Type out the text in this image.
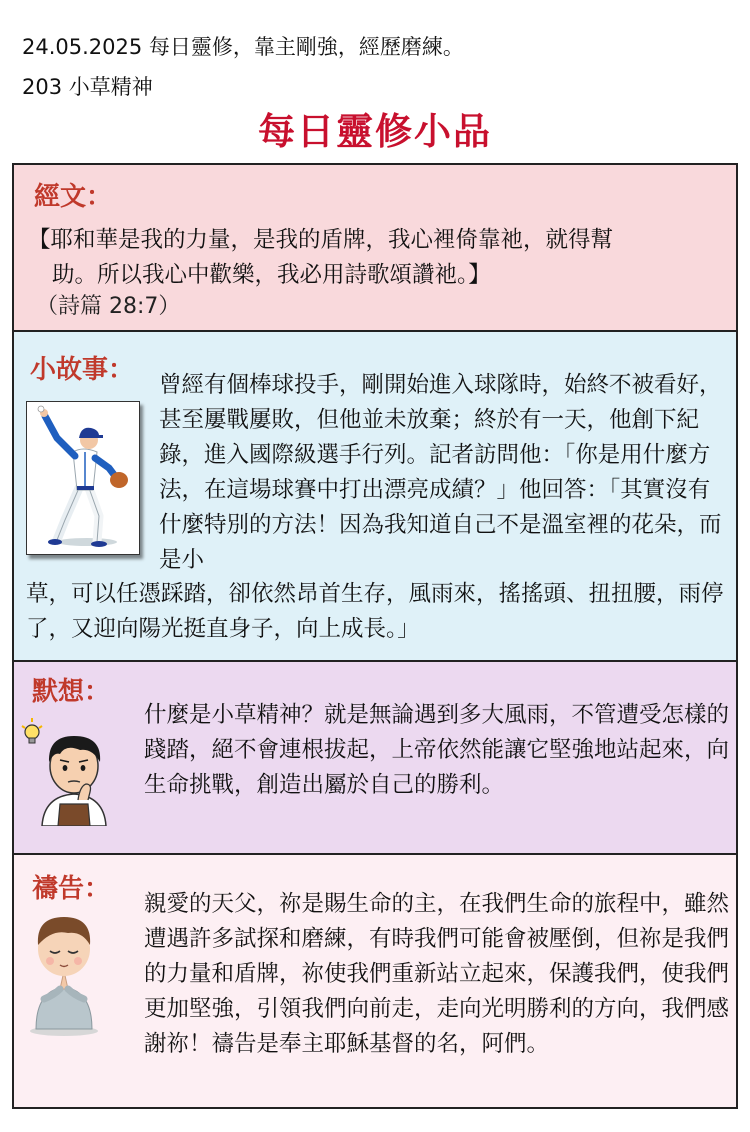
24.05.2025 每日靈修，靠主剛強，經歷磨練。
203 小草精神
每日靈修小品
經文：
【耶和華是我的力量，是我的盾牌，我心裡倚靠祂，就得幫
助。所以我心中歡樂，我必用詩歌頌讚祂。】
（詩篇 28:7）
小故事： 曾經有個棒球投手，剛開始進入球隊時，始終不被看好，甚至屢戰屢敗，但他並未放棄；終於有一天，他創下紀錄，進入國際級選手行列。記者訪問他：「你是用什麼方法，在這場球賽中打出漂亮成績？」他回答：「其實沒有什麼特別的方法！因為我知道自己不是溫室裡的花朵，而是小
草，可以任憑踩踏，卻依然昂首生存，風雨來，搖搖頭、扭扭腰，雨停了，又迎向陽光挺直身子，向上成長。」
默想：
什麼是小草精神？就是無論遇到多大風雨，不管遭受怎樣的踐踏，絕不會連根拔起，上帝依然能讓它堅強地站起來，向生命挑戰，創造出屬於自己的勝利。
禱告： 親愛的天父，祢是賜生命的主，在我們生命的旅程中，雖然遭遇許多試探和磨練，有時我們可能會被壓倒，但祢是我們的力量和盾牌，祢使我們重新站立起來，保護我們，使我們更加堅強，引領我們向前走，走向光明勝利的方向，我們感謝祢！禱告是奉主耶穌基督的名，阿們。
